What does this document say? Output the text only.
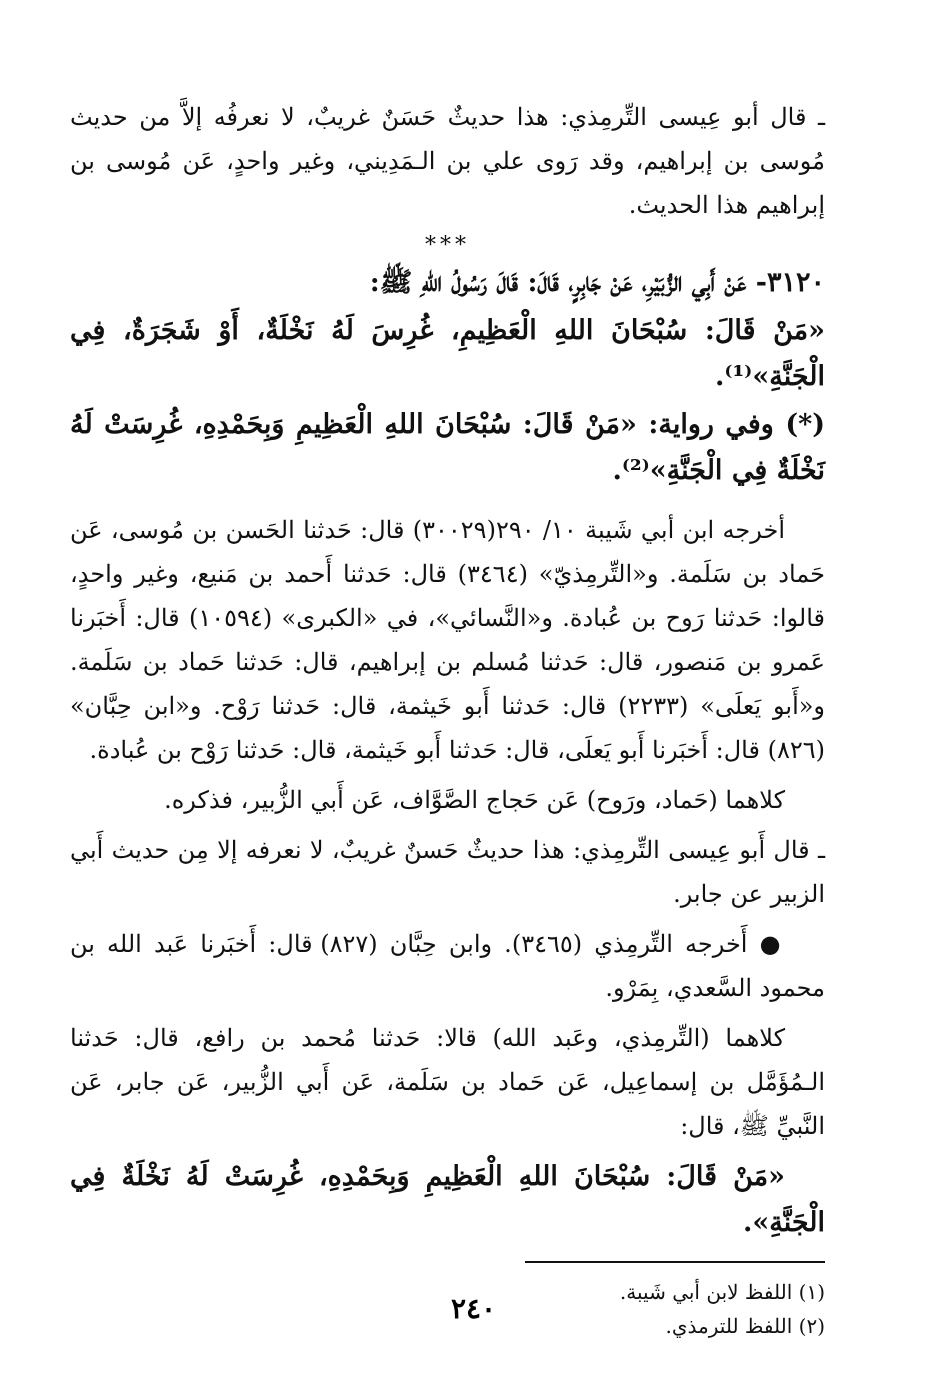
ـ قال أبو عِيسى التِّرمِذي: هذا حديثٌ حَسَنٌ غريبٌ، لا نعرفُه إلاَّ من حديث مُوسى بن إبراهيم، وقد رَوى علي بن الـمَدِيني، وغير واحدٍ، عَن مُوسى بن إبراهيم هذا الحديث.

***

٣١٢٠- عَنْ أَبِي الزُّبَيْرِ، عَنْ جَابِرٍ، قَالَ: قَالَ رَسُولُ اللهِ ﷺ:

«مَنْ قَالَ: سُبْحَانَ اللهِ الْعَظِيمِ، غُرِسَ لَهُ نَخْلَةٌ، أَوْ شَجَرَةٌ، فِي الْجَنَّةِ»⁽¹⁾.

(*) وفي رواية: «مَنْ قَالَ: سُبْحَانَ اللهِ الْعَظِيمِ وَبِحَمْدِهِ، غُرِسَتْ لَهُ نَخْلَةٌ فِي الْجَنَّةِ»⁽²⁾.

أخرجه ابن أبي شَيبة ١٠/ ٢٩٠(٣٠٠٢٩) قال: حَدثنا الحَسن بن مُوسى، عَن حَماد بن سَلَمة. و«التِّرمِذيّ» (٣٤٦٤) قال: حَدثنا أَحمد بن مَنيع، وغير واحدٍ، قالوا: حَدثنا رَوح بن عُبادة. و«النَّسائي»، في «الكبرى» (١٠٥٩٤) قال: أَخبَرنا عَمرو بن مَنصور، قال: حَدثنا مُسلم بن إبراهيم، قال: حَدثنا حَماد بن سَلَمة. و«أَبو يَعلَى» (٢٢٣٣) قال: حَدثنا أَبو خَيثمة، قال: حَدثنا رَوْح. و«ابن حِبَّان» (٨٢٦) قال: أَخبَرنا أَبو يَعلَى، قال: حَدثنا أَبو خَيثمة، قال: حَدثنا رَوْح بن عُبادة.

كلاهما (حَماد، ورَوح) عَن حَجاج الصَّوَّاف، عَن أَبي الزُّبير، فذكره.

ـ قال أَبو عِيسى التِّرمِذي: هذا حديثٌ حَسنٌ غريبٌ، لا نعرفه إلا مِن حديث أَبي الزبير عن جابر.

● أَخرجه التِّرمِذي (٣٤٦٥). وابن حِبَّان (٨٢٧) قال: أَخبَرنا عَبد الله بن محمود السَّعدي، بِمَرْو.

كلاهما (التِّرمِذي، وعَبد الله) قالا: حَدثنا مُحمد بن رافع، قال: حَدثنا الـمُؤَمَّل بن إسماعِيل، عَن حَماد بن سَلَمة، عَن أَبي الزُّبير، عَن جابر، عَن النَّبيِّ ﷺ، قال:

«مَنْ قَالَ: سُبْحَانَ اللهِ الْعَظِيمِ وَبِحَمْدِهِ، غُرِسَتْ لَهُ نَخْلَةٌ فِي الْجَنَّةِ».

(١) اللفظ لابن أبي شَيبة.

(٢) اللفظ للترمذي.

٢٤٠
